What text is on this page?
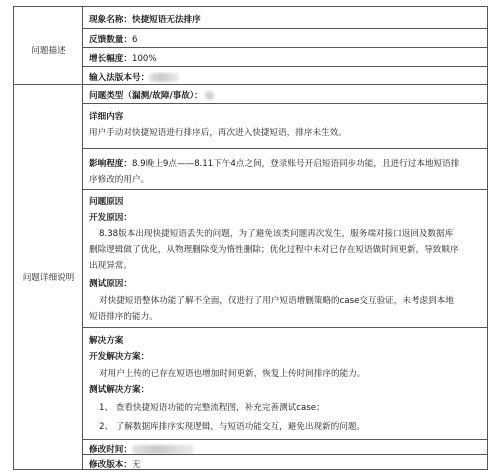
问题描述
问题详细说明
现象名称：快捷短语无法排序
反馈数量：6
增长幅度：100%
输入法版本号：
问题类型（漏测/故障/事故）：
详细内容
用户手动对快捷短语进行排序后，再次进入快捷短语，排序未生效。
影响程度：8.9晚上9点——8.11下午4点之间，登录账号开启短语同步功能，且进行过本地短语排
序修改的用户。
问题原因
开发原因：
8.38版本出现快捷短语丢失的问题，为了避免该类问题再次发生，服务端对接口返回及数据库
删除逻辑做了优化，从物理删除变为惰性删除；优化过程中未对已存在短语做时间更新，导致顺序
出现异常。
测试原因：
对快捷短语整体功能了解不全面，仅进行了用户短语增删策略的case交互验证，未考虑到本地
短语排序的能力。
解决方案
开发解决方案：
对用户上传的已存在短语也增加时间更新，恢复上传时间排序的能力。
测试解决方案：
1、 查看快捷短语功能的完整流程图，补充完善测试case；
2、 了解数据库排序实现逻辑，与短语功能交互，避免出现新的问题。
修改时间：
修改版本：无
